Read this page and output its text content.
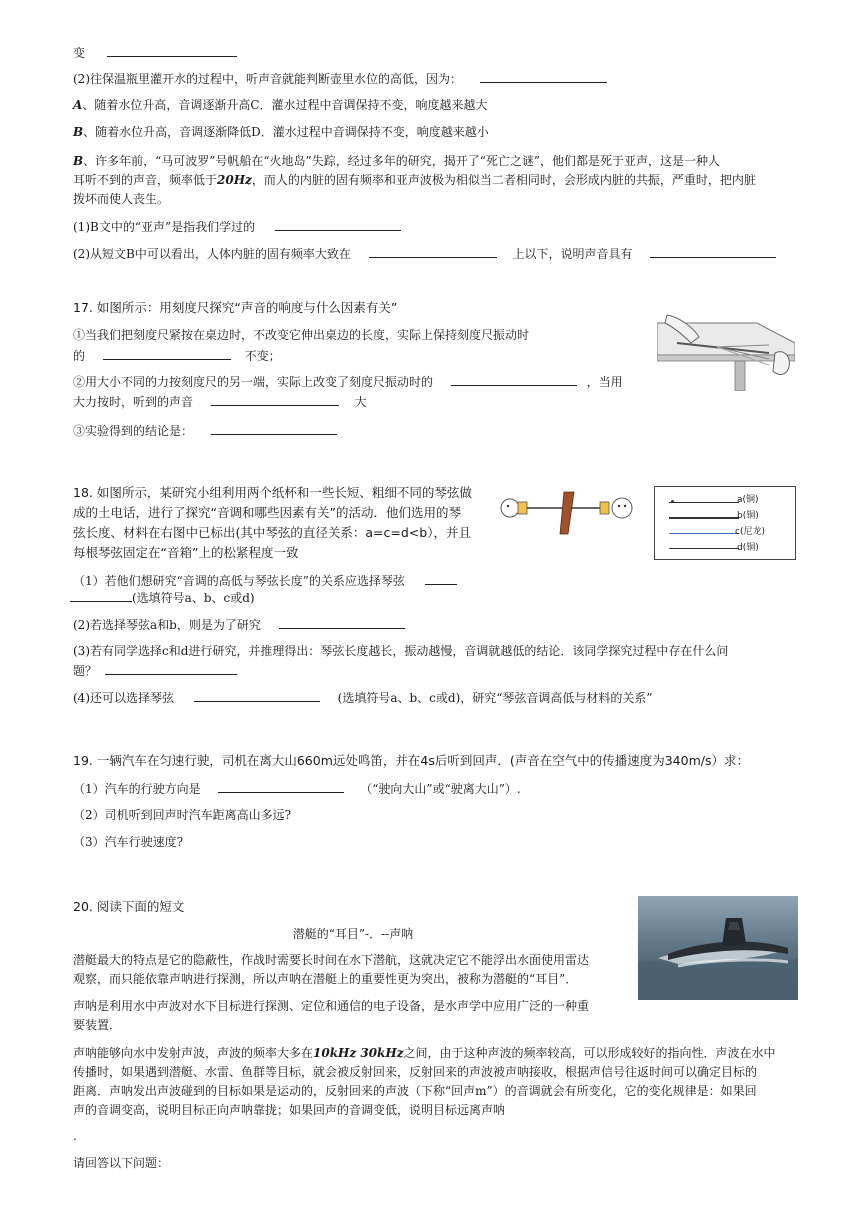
变
(2)往保温瓶里灌开水的过程中，听声音就能判断壶里水位的高低，因为：
A、随着水位升高，音调逐渐升高C．灌水过程中音调保持不变，响度越来越大
B、随着水位升高，音调逐渐降低D．灌水过程中音调保持不变，响度越来越小
B、许多年前，“马可波罗”号帆船在“火地岛”失踪，经过多年的研究，揭开了“死亡之谜”，他们都是死于亚声，这是一种人
耳听不到的声音，频率低于20Hz，而人的内脏的固有频率和亚声波极为相似当二者相同时，会形成内脏的共振，严重时，把内脏
拨坏而使人丧生。
(1)B文中的“亚声”是指我们学过的
(2)从短文B中可以看出，人体内脏的固有频率大致在	上以下，说明声音具有
17. 如图所示：用刻度尺探究“声音的响度与什么因素有关”
①当我们把刻度尺紧按在桌边时，不改变它伸出桌边的长度，实际上保持刻度尺振动时
的	不变；
②用大小不同的力按刻度尺的另一端，实际上改变了刻度尺振动时的	，当用
大力按时，听到的声音	大
③实验得到的结论是：
18. 如图所示，某研究小组利用两个纸杯和一些长短、粗细不同的琴弦做
成的土电话，进行了探究“音调和哪些因素有关”的活动．他们选用的琴
弦长度、材料在右图中已标出(其中琴弦的直径关系：a=c=d<b），并且
每根琴弦固定在“音箱”上的松紧程度一致
a(铜)
b(铜)
c(尼龙)
d(铜)
（1）若他们想研究“音调的高低与琴弦长度”的关系应选择琴弦
(选填符号a、b、c或d)
(2)若选择琴弦a和b，则是为了研究
(3)若有同学选择c和d进行研究，并推理得出：琴弦长度越长，振动越慢，音调就越低的结论．该同学探究过程中存在什么问
题？
(4)还可以选择琴弦	(选填符号a、b、c或d)，研究“琴弦音调高低与材料的关系”
19. 一辆汽车在匀速行驶，司机在离大山660m远处鸣笛，并在4s后听到回声．(声音在空气中的传播速度为340m/s）求：
（1）汽车的行驶方向是	（“驶向大山”或“驶离大山”）.
（2）司机听到回声时汽车距离高山多远?
（3）汽车行驶速度?
20. 阅读下面的短文
潜艇的“耳目”-．--声呐
潜艇最大的特点是它的隐蔽性，作战时需要长时间在水下潜航，这就决定它不能浮出水面使用雷达
观察，而只能依靠声呐进行探测，所以声呐在潜艇上的重要性更为突出，被称为潜艇的“耳目”．
声呐是利用水中声波对水下目标进行探测、定位和通信的电子设备，是水声学中应用广泛的一种重
要装置．
声呐能够向水中发射声波，声波的频率大多在10kHz 30kHz之间，由于这种声波的频率较高，可以形成较好的指向性．声波在水中
传播时，如果遇到潜艇、水雷、鱼群等目标，就会被反射回来，反射回来的声波被声呐接收，根据声信号往返时间可以确定目标的
距离．声呐发出声波碰到的目标如果是运动的，反射回来的声波（下称“回声m”）的音调就会有所变化，它的变化规律是：如果回
声的音调变高，说明目标正向声呐靠拢；如果回声的音调变低，说明目标远离声呐
.
请回答以下问题：
